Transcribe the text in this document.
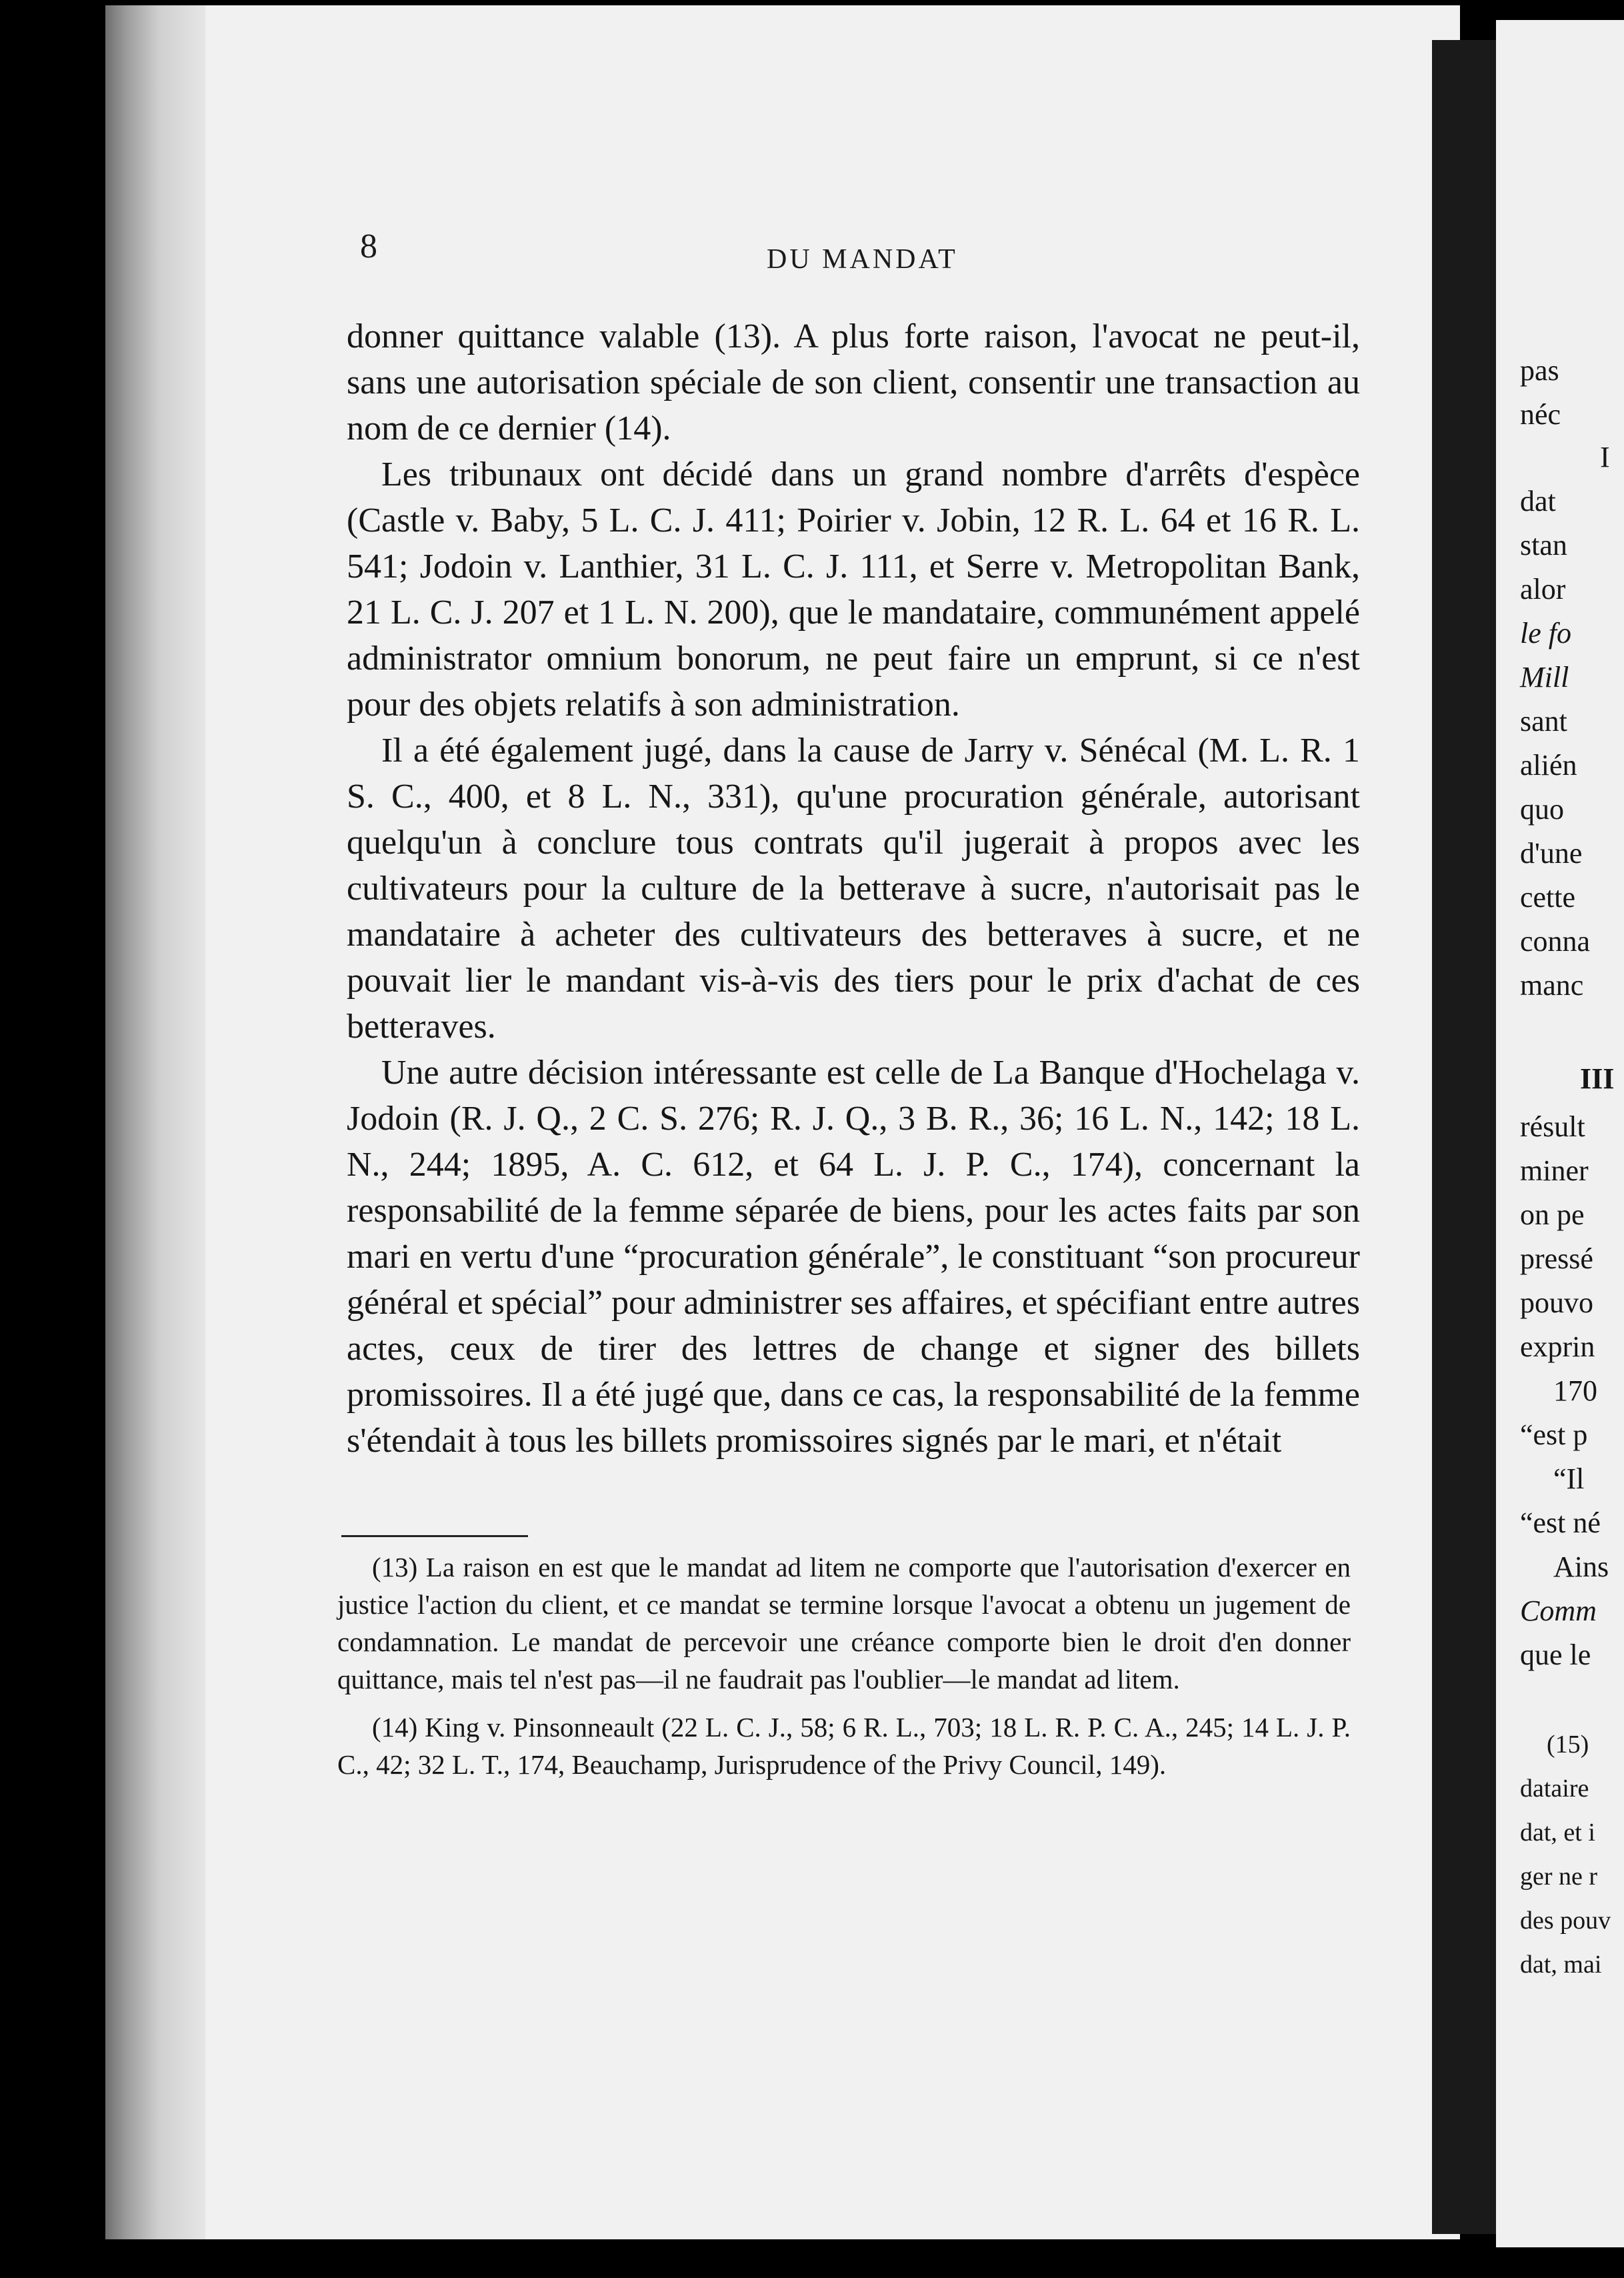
8	DU MANDAT

donner quittance valable (13). A plus forte raison, l'avocat ne peut-il, sans une autorisation spéciale de son client, consentir une transaction au nom de ce dernier (14).

Les tribunaux ont décidé dans un grand nombre d'arrêts d'espèce (Castle v. Baby, 5 L. C. J. 411; Poirier v. Jobin, 12 R. L. 64 et 16 R. L. 541; Jodoin v. Lanthier, 31 L. C. J. 111, et Serre v. Metropolitan Bank, 21 L. C. J. 207 et 1 L. N. 200), que le mandataire, communément appelé administrator omnium bonorum, ne peut faire un emprunt, si ce n'est pour des objets relatifs à son administration.

Il a été également jugé, dans la cause de Jarry v. Sénécal (M. L. R. 1 S. C., 400, et 8 L. N., 331), qu'une procuration générale, autorisant quelqu'un à conclure tous contrats qu'il jugerait à propos avec les cultivateurs pour la culture de la betterave à sucre, n'autorisait pas le mandataire à acheter des cultivateurs des betteraves à sucre, et ne pouvait lier le mandant vis-à-vis des tiers pour le prix d'achat de ces betteraves.

Une autre décision intéressante est celle de La Banque d'Hochelaga v. Jodoin (R. J. Q., 2 C. S. 276; R. J. Q., 3 B. R., 36; 16 L. N., 142; 18 L. N., 244; 1895, A. C. 612, et 64 L. J. P. C., 174), concernant la responsabilité de la femme séparée de biens, pour les actes faits par son mari en vertu d'une “procuration générale”, le constituant “son procureur général et spécial” pour administrer ses affaires, et spécifiant entre autres actes, ceux de tirer des lettres de change et signer des billets promissoires. Il a été jugé que, dans ce cas, la responsabilité de la femme s'étendait à tous les billets promissoires signés par le mari, et n'était

(13) La raison en est que le mandat ad litem ne comporte que l'autorisation d'exercer en justice l'action du client, et ce mandat se termine lorsque l'avocat a obtenu un jugement de condamnation. Le mandat de percevoir une créance comporte bien le droit d'en donner quittance, mais tel n'est pas—il ne faudrait pas l'oublier—le mandat ad litem.

(14) King v. Pinsonneault (22 L. C. J., 58; 6 R. L., 703; 18 L. R. P. C. A., 245; 14 L. J. P. C., 42; 32 L. T., 174, Beauchamp, Jurisprudence of the Privy Council, 149).

pas
néc
I
dat
stan
alor
le fo
Mill
sant
alién
quo
d'une
cette
conna
manc
III
résult
miner
on pe
pressé
pouvo
exprin
170
“est p
“Il
“est né
Ains
Comm
que le
(15)
dataire
dat, et i
ger ne r
des pouv
dat, mai
